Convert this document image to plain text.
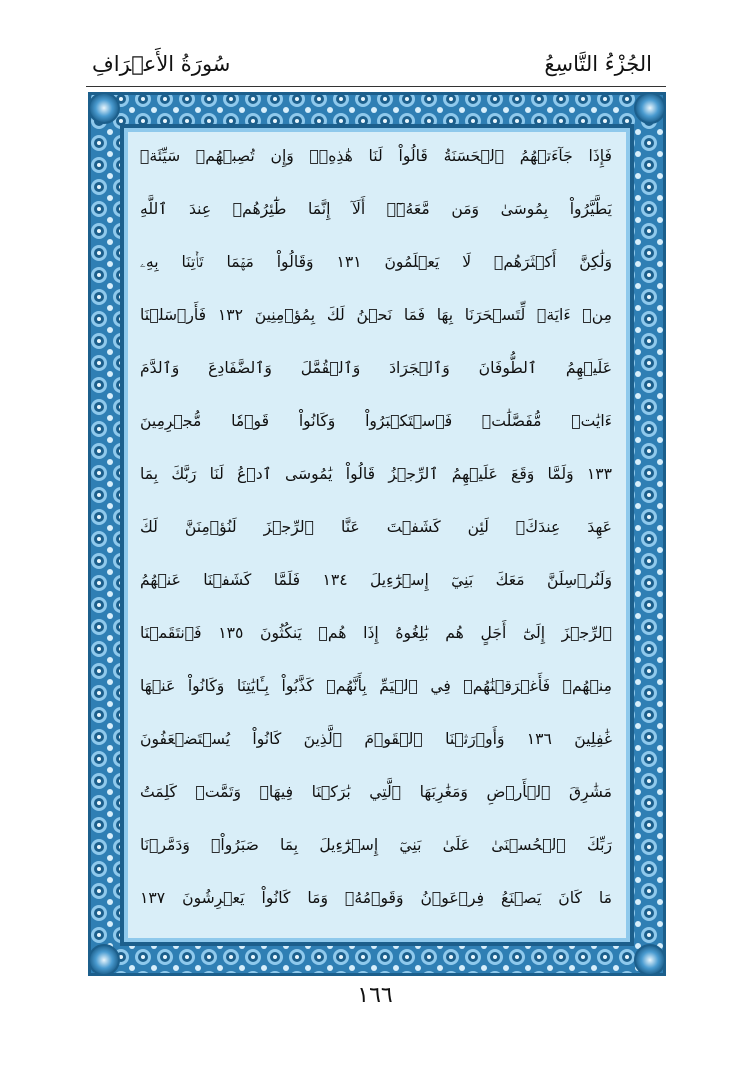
الجُزْءُ التَّاسِعُ
سُورَةُ الأَعۡرَافِ
فَإِذَا جَآءَتۡهُمُ ٱلۡحَسَنَةُ قَالُواْ لَنَا هَٰذِهِۦۖ وَإِن تُصِبۡهُمۡ سَيِّئَةٞ
يَطَّيَّرُواْ بِمُوسَىٰ وَمَن مَّعَهُۥٓۗ أَلَآ إِنَّمَا طَٰٓئِرُهُمۡ عِندَ ٱللَّهِ
وَلَٰكِنَّ أَكۡثَرَهُمۡ لَا يَعۡلَمُونَ ١٣١ وَقَالُواْ مَهۡمَا تَأۡتِنَا بِهِۦ
مِنۡ ءَايَةٖ لِّتَسۡحَرَنَا بِهَا فَمَا نَحۡنُ لَكَ بِمُؤۡمِنِينَ ١٣٢ فَأَرۡسَلۡنَا
عَلَيۡهِمُ ٱلطُّوفَانَ وَٱلۡجَرَادَ وَٱلۡقُمَّلَ وَٱلضَّفَادِعَ وَٱلدَّمَ
ءَايَٰتٖ مُّفَصَّلَٰتٖ فَٱسۡتَكۡبَرُواْ وَكَانُواْ قَوۡمٗا مُّجۡرِمِينَ
١٣٣ وَلَمَّا وَقَعَ عَلَيۡهِمُ ٱلرِّجۡزُ قَالُواْ يَٰمُوسَى ٱدۡعُ لَنَا رَبَّكَ بِمَا
عَهِدَ عِندَكَۖ لَئِن كَشَفۡتَ عَنَّا ٱلرِّجۡزَ لَنُؤۡمِنَنَّ لَكَ
وَلَنُرۡسِلَنَّ مَعَكَ بَنِيٓ إِسۡرَٰٓءِيلَ ١٣٤ فَلَمَّا كَشَفۡنَا عَنۡهُمُ
ٱلرِّجۡزَ إِلَىٰٓ أَجَلٍ هُم بَٰلِغُوهُ إِذَا هُمۡ يَنكُثُونَ ١٣٥ فَٱنتَقَمۡنَا
مِنۡهُمۡ فَأَغۡرَقۡنَٰهُمۡ فِي ٱلۡيَمِّ بِأَنَّهُمۡ كَذَّبُواْ بِـَٔايَٰتِنَا وَكَانُواْ عَنۡهَا
غَٰفِلِينَ ١٣٦ وَأَوۡرَثۡنَا ٱلۡقَوۡمَ ٱلَّذِينَ كَانُواْ يُسۡتَضۡعَفُونَ
مَشَٰرِقَ ٱلۡأَرۡضِ وَمَغَٰرِبَهَا ٱلَّتِي بَٰرَكۡنَا فِيهَاۖ وَتَمَّتۡ كَلِمَتُ
رَبِّكَ ٱلۡحُسۡنَىٰ عَلَىٰ بَنِيٓ إِسۡرَٰٓءِيلَ بِمَا صَبَرُواْۖ وَدَمَّرۡنَا
مَا كَانَ يَصۡنَعُ فِرۡعَوۡنُ وَقَوۡمُهُۥ وَمَا كَانُواْ يَعۡرِشُونَ ١٣٧
١٦٦
